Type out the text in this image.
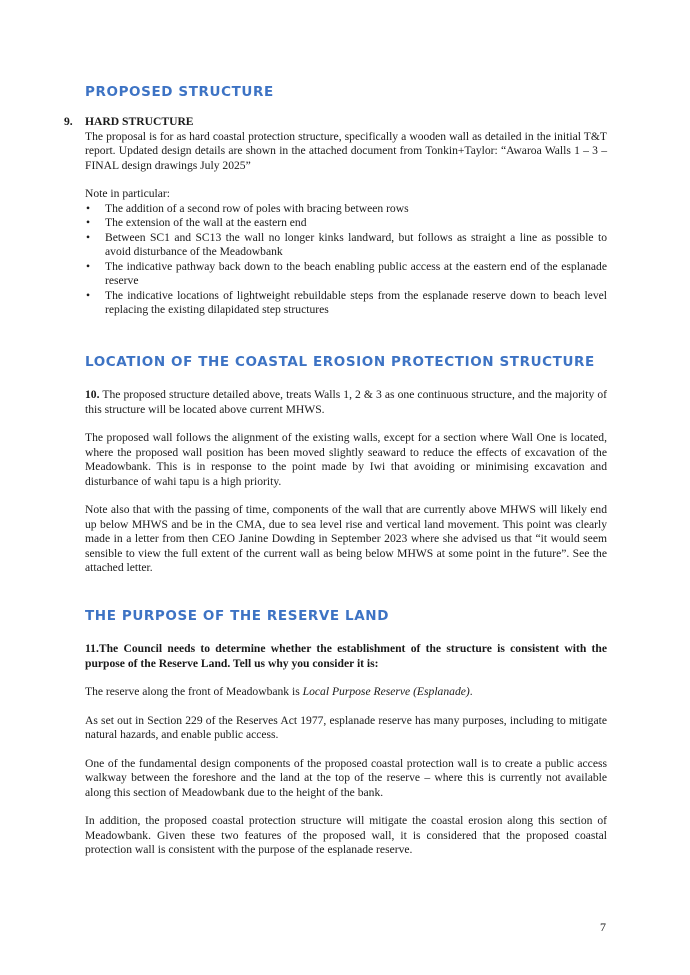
PROPOSED STRUCTURE
9. HARD STRUCTURE

The proposal is for as hard coastal protection structure, specifically a wooden wall as detailed in the initial T&T report. Updated design details are shown in the attached document from Tonkin+Taylor: “Awaroa Walls 1 – 3 – FINAL design drawings July 2025”

Note in particular:

• The addition of a second row of poles with bracing between rows
• The extension of the wall at the eastern end
• Between SC1 and SC13 the wall no longer kinks landward, but follows as straight a line as possible to avoid disturbance of the Meadowbank
• The indicative pathway back down to the beach enabling public access at the eastern end of the esplanade reserve
• The indicative locations of lightweight rebuildable steps from the esplanade reserve down to beach level replacing the existing dilapidated step structures
LOCATION OF THE COASTAL EROSION PROTECTION STRUCTURE

10. The proposed structure detailed above, treats Walls 1, 2 & 3 as one continuous structure, and the majority of this structure will be located above current MHWS.

The proposed wall follows the alignment of the existing walls, except for a section where Wall One is located, where the proposed wall position has been moved slightly seaward to reduce the effects of excavation of the Meadowbank. This is in response to the point made by Iwi that avoiding or minimising excavation and disturbance of wahi tapu is a high priority.

Note also that with the passing of time, components of the wall that are currently above MHWS will likely end up below MHWS and be in the CMA, due to sea level rise and vertical land movement. This point was clearly made in a letter from then CEO Janine Dowding in September 2023 where she advised us that “it would seem sensible to view the full extent of the current wall as being below MHWS at some point in the future”. See the attached letter.

THE PURPOSE OF THE RESERVE LAND

11.The Council needs to determine whether the establishment of the structure is consistent with the purpose of the Reserve Land. Tell us why you consider it is:

The reserve along the front of Meadowbank is Local Purpose Reserve (Esplanade).

As set out in Section 229 of the Reserves Act 1977, esplanade reserve has many purposes, including to mitigate natural hazards, and enable public access.

One of the fundamental design components of the proposed coastal protection wall is to create a public access walkway between the foreshore and the land at the top of the reserve – where this is currently not available along this section of Meadowbank due to the height of the bank.

In addition, the proposed coastal protection structure will mitigate the coastal erosion along this section of Meadowbank. Given these two features of the proposed wall, it is considered that the proposed coastal protection wall is consistent with the purpose of the esplanade reserve.

7
